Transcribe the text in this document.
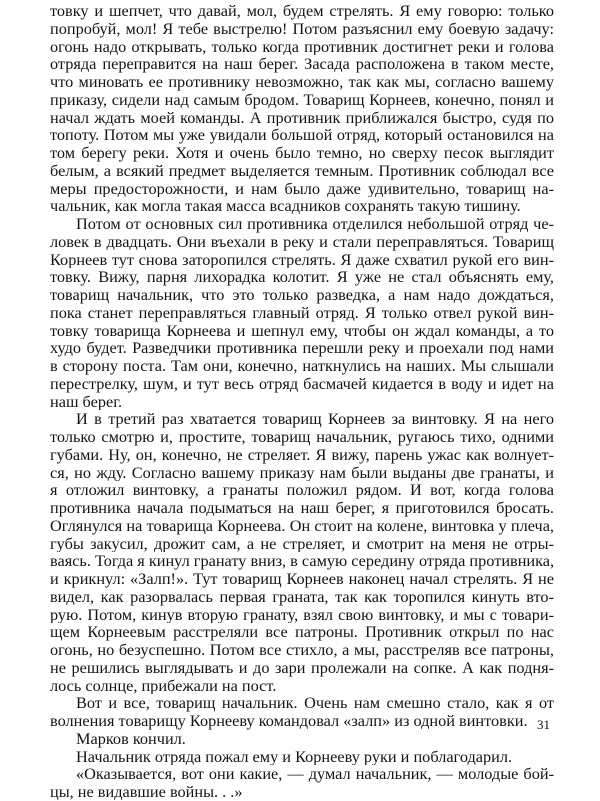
товку и шепчет, что давай, мол, будем стрелять. Я ему говорю: только
попробуй, мол! Я тебе выстрелю! Потом разъяснил ему боевую задачу:
огонь надо открывать, только когда противник достигнет реки и голова
отряда переправится на наш берег. Засада расположена в таком месте,
что миновать ее противнику невозможно, так как мы, согласно вашему
приказу, сидели над самым бродом. Товарищ Корнеев, конечно, понял и
начал ждать моей команды. А противник приближался быстро, судя по
топоту. Потом мы уже увидали большой отряд, который остановился на
том берегу реки. Хотя и очень было темно, но сверху песок выглядит
белым, а всякий предмет выделяется темным. Противник соблюдал все
меры предосторожности, и нам было даже удивительно, товарищ на-
чальник, как могла такая масса всадников сохранять такую тишину.
Потом от основных сил противника отделился небольшой отряд че-
ловек в двадцать. Они въехали в реку и стали переправляться. Товарищ
Корнеев тут снова заторопился стрелять. Я даже схватил рукой его вин-
товку. Вижу, парня лихорадка колотит. Я уже не стал объяснять ему,
товарищ начальник, что это только разведка, а нам надо дождаться,
пока станет переправляться главный отряд. Я только отвел рукой вин-
товку товарища Корнеева и шепнул ему, чтобы он ждал команды, а то
худо будет. Разведчики противника перешли реку и проехали под нами
в сторону поста. Там они, конечно, наткнулись на наших. Мы слышали
перестрелку, шум, и тут весь отряд басмачей кидается в воду и идет на
наш берег.
И в третий раз хватается товарищ Корнеев за винтовку. Я на него
только смотрю и, простите, товарищ начальник, ругаюсь тихо, одними
губами. Ну, он, конечно, не стреляет. Я вижу, парень ужас как волнует-
ся, но жду. Согласно вашему приказу нам были выданы две гранаты, и
я отложил винтовку, а гранаты положил рядом. И вот, когда голова
противника начала подыматься на наш берег, я приготовился бросать.
Оглянулся на товарища Корнеева. Он стоит на колене, винтовка у плеча,
губы закусил, дрожит сам, а не стреляет, и смотрит на меня не отры-
ваясь. Тогда я кинул гранату вниз, в самую середину отряда противника,
и крикнул: «Залп!». Тут товарищ Корнеев наконец начал стрелять. Я не
видел, как разорвалась первая граната, так как торопился кинуть вто-
рую. Потом, кинув вторую гранату, взял свою винтовку, и мы с товари-
щем Корнеевым расстреляли все патроны. Противник открыл по нас
огонь, но безуспешно. Потом все стихло, а мы, расстреляв все патроны,
не решились выглядывать и до зари пролежали на сопке. А как подня-
лось солнце, прибежали на пост.
Вот и все, товарищ начальник. Очень нам смешно стало, как я от
волнения товарищу Корнееву командовал «залп» из одной винтовки.
Марков кончил.
Начальник отряда пожал ему и Корнееву руки и поблагодарил.
«Оказывается, вот они какие, — думал начальник, — молодые бой-
цы, не видавшие войны. . .»
31
